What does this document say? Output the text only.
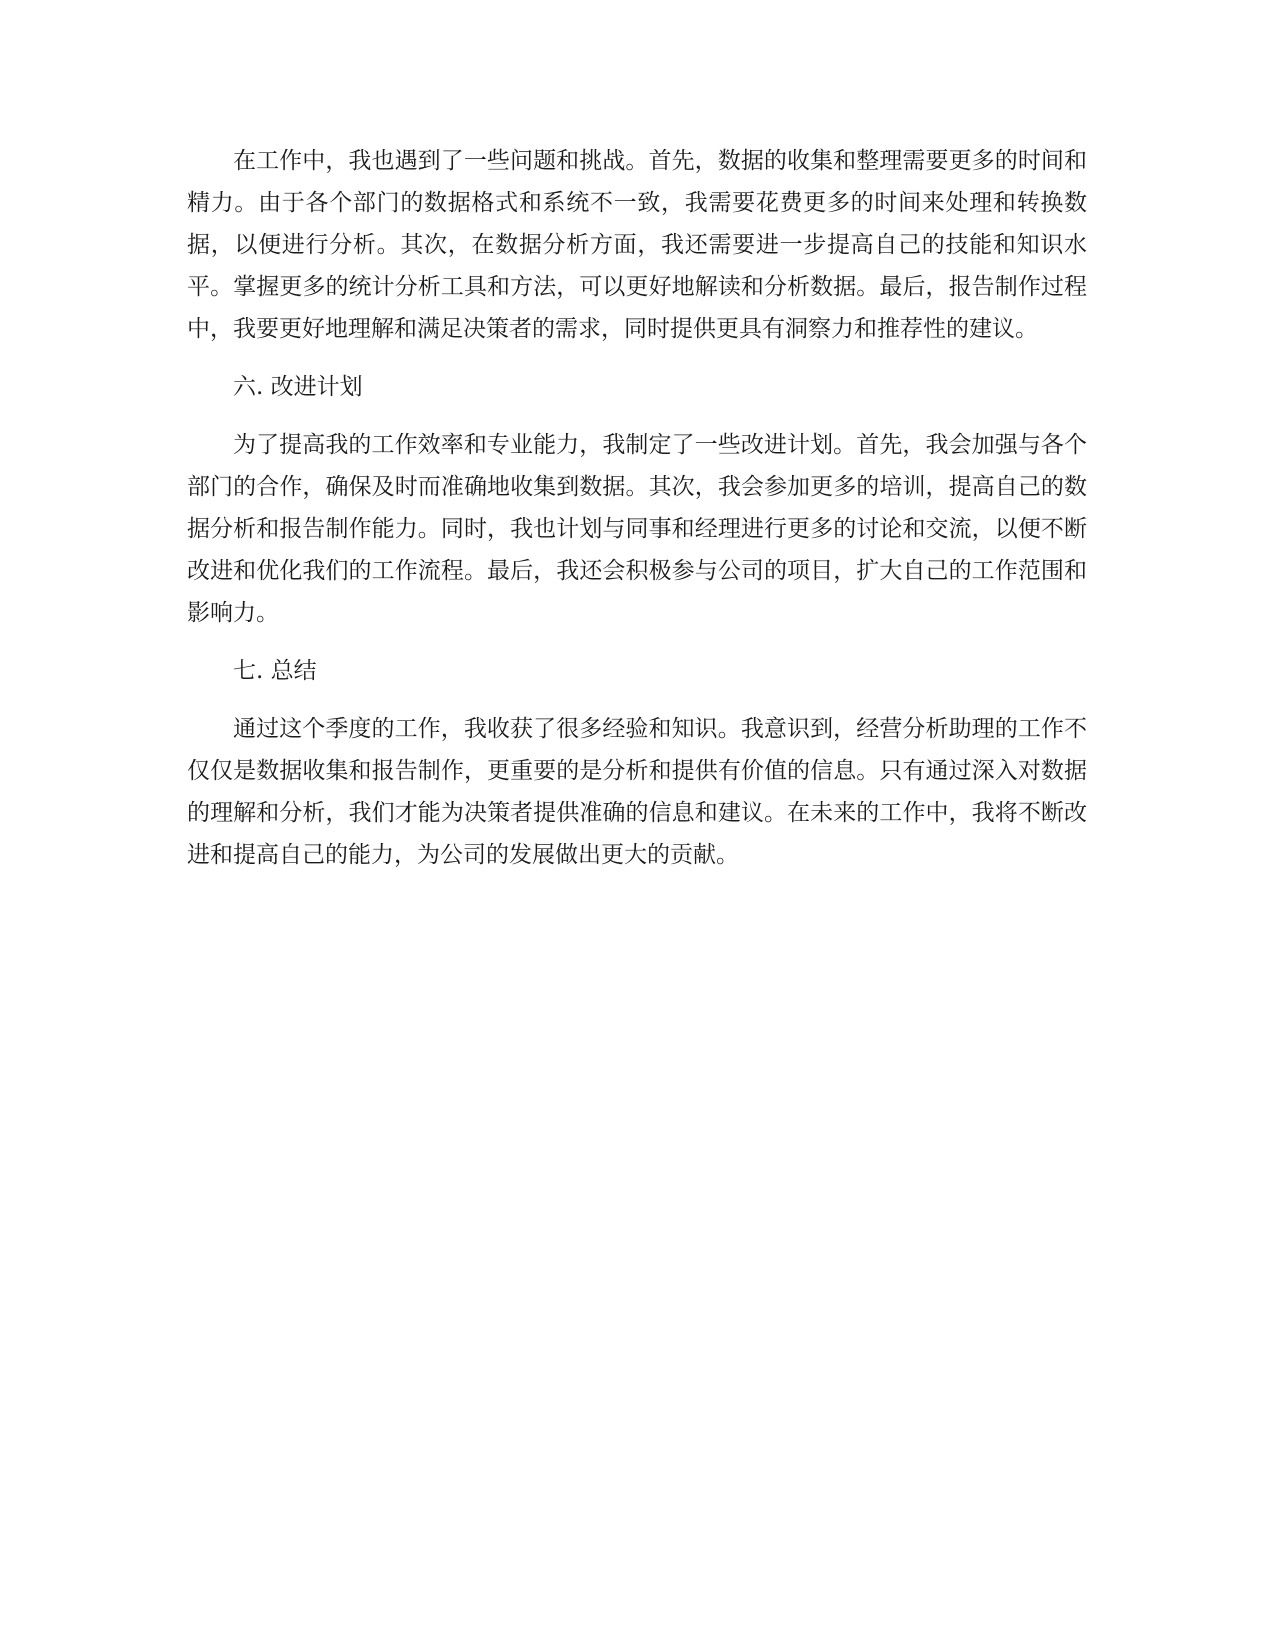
在工作中，我也遇到了一些问题和挑战。首先，数据的收集和整理需要更多的时间和精力。由于各个部门的数据格式和系统不一致，我需要花费更多的时间来处理和转换数据，以便进行分析。其次，在数据分析方面，我还需要进一步提高自己的技能和知识水平。掌握更多的统计分析工具和方法，可以更好地解读和分析数据。最后，报告制作过程中，我要更好地理解和满足决策者的需求，同时提供更具有洞察力和推荐性的建议。

六. 改进计划

为了提高我的工作效率和专业能力，我制定了一些改进计划。首先，我会加强与各个部门的合作，确保及时而准确地收集到数据。其次，我会参加更多的培训，提高自己的数据分析和报告制作能力。同时，我也计划与同事和经理进行更多的讨论和交流，以便不断改进和优化我们的工作流程。最后，我还会积极参与公司的项目，扩大自己的工作范围和影响力。

七. 总结

通过这个季度的工作，我收获了很多经验和知识。我意识到，经营分析助理的工作不仅仅是数据收集和报告制作，更重要的是分析和提供有价值的信息。只有通过深入对数据的理解和分析，我们才能为决策者提供准确的信息和建议。在未来的工作中，我将不断改进和提高自己的能力，为公司的发展做出更大的贡献。
